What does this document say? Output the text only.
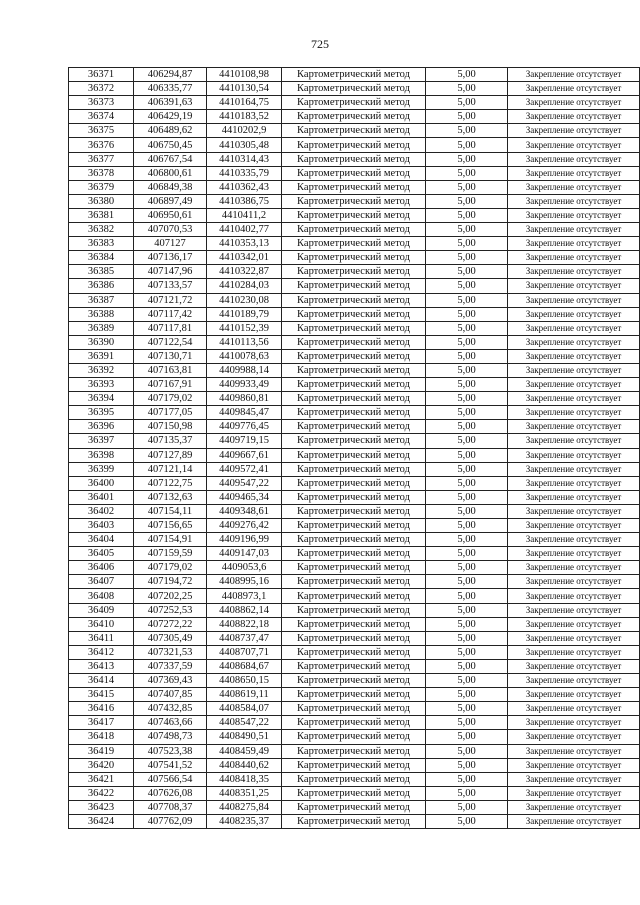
725
36371	406294,87	4410108,98	Картометрический метод	5,00	Закрепление отсутствует
36372	406335,77	4410130,54	Картометрический метод	5,00	Закрепление отсутствует
36373	406391,63	4410164,75	Картометрический метод	5,00	Закрепление отсутствует
36374	406429,19	4410183,52	Картометрический метод	5,00	Закрепление отсутствует
36375	406489,62	4410202,9	Картометрический метод	5,00	Закрепление отсутствует
36376	406750,45	4410305,48	Картометрический метод	5,00	Закрепление отсутствует
36377	406767,54	4410314,43	Картометрический метод	5,00	Закрепление отсутствует
36378	406800,61	4410335,79	Картометрический метод	5,00	Закрепление отсутствует
36379	406849,38	4410362,43	Картометрический метод	5,00	Закрепление отсутствует
36380	406897,49	4410386,75	Картометрический метод	5,00	Закрепление отсутствует
36381	406950,61	4410411,2	Картометрический метод	5,00	Закрепление отсутствует
36382	407070,53	4410402,77	Картометрический метод	5,00	Закрепление отсутствует
36383	407127	4410353,13	Картометрический метод	5,00	Закрепление отсутствует
36384	407136,17	4410342,01	Картометрический метод	5,00	Закрепление отсутствует
36385	407147,96	4410322,87	Картометрический метод	5,00	Закрепление отсутствует
36386	407133,57	4410284,03	Картометрический метод	5,00	Закрепление отсутствует
36387	407121,72	4410230,08	Картометрический метод	5,00	Закрепление отсутствует
36388	407117,42	4410189,79	Картометрический метод	5,00	Закрепление отсутствует
36389	407117,81	4410152,39	Картометрический метод	5,00	Закрепление отсутствует
36390	407122,54	4410113,56	Картометрический метод	5,00	Закрепление отсутствует
36391	407130,71	4410078,63	Картометрический метод	5,00	Закрепление отсутствует
36392	407163,81	4409988,14	Картометрический метод	5,00	Закрепление отсутствует
36393	407167,91	4409933,49	Картометрический метод	5,00	Закрепление отсутствует
36394	407179,02	4409860,81	Картометрический метод	5,00	Закрепление отсутствует
36395	407177,05	4409845,47	Картометрический метод	5,00	Закрепление отсутствует
36396	407150,98	4409776,45	Картометрический метод	5,00	Закрепление отсутствует
36397	407135,37	4409719,15	Картометрический метод	5,00	Закрепление отсутствует
36398	407127,89	4409667,61	Картометрический метод	5,00	Закрепление отсутствует
36399	407121,14	4409572,41	Картометрический метод	5,00	Закрепление отсутствует
36400	407122,75	4409547,22	Картометрический метод	5,00	Закрепление отсутствует
36401	407132,63	4409465,34	Картометрический метод	5,00	Закрепление отсутствует
36402	407154,11	4409348,61	Картометрический метод	5,00	Закрепление отсутствует
36403	407156,65	4409276,42	Картометрический метод	5,00	Закрепление отсутствует
36404	407154,91	4409196,99	Картометрический метод	5,00	Закрепление отсутствует
36405	407159,59	4409147,03	Картометрический метод	5,00	Закрепление отсутствует
36406	407179,02	4409053,6	Картометрический метод	5,00	Закрепление отсутствует
36407	407194,72	4408995,16	Картометрический метод	5,00	Закрепление отсутствует
36408	407202,25	4408973,1	Картометрический метод	5,00	Закрепление отсутствует
36409	407252,53	4408862,14	Картометрический метод	5,00	Закрепление отсутствует
36410	407272,22	4408822,18	Картометрический метод	5,00	Закрепление отсутствует
36411	407305,49	4408737,47	Картометрический метод	5,00	Закрепление отсутствует
36412	407321,53	4408707,71	Картометрический метод	5,00	Закрепление отсутствует
36413	407337,59	4408684,67	Картометрический метод	5,00	Закрепление отсутствует
36414	407369,43	4408650,15	Картометрический метод	5,00	Закрепление отсутствует
36415	407407,85	4408619,11	Картометрический метод	5,00	Закрепление отсутствует
36416	407432,85	4408584,07	Картометрический метод	5,00	Закрепление отсутствует
36417	407463,66	4408547,22	Картометрический метод	5,00	Закрепление отсутствует
36418	407498,73	4408490,51	Картометрический метод	5,00	Закрепление отсутствует
36419	407523,38	4408459,49	Картометрический метод	5,00	Закрепление отсутствует
36420	407541,52	4408440,62	Картометрический метод	5,00	Закрепление отсутствует
36421	407566,54	4408418,35	Картометрический метод	5,00	Закрепление отсутствует
36422	407626,08	4408351,25	Картометрический метод	5,00	Закрепление отсутствует
36423	407708,37	4408275,84	Картометрический метод	5,00	Закрепление отсутствует
36424	407762,09	4408235,37	Картометрический метод	5,00	Закрепление отсутствует
